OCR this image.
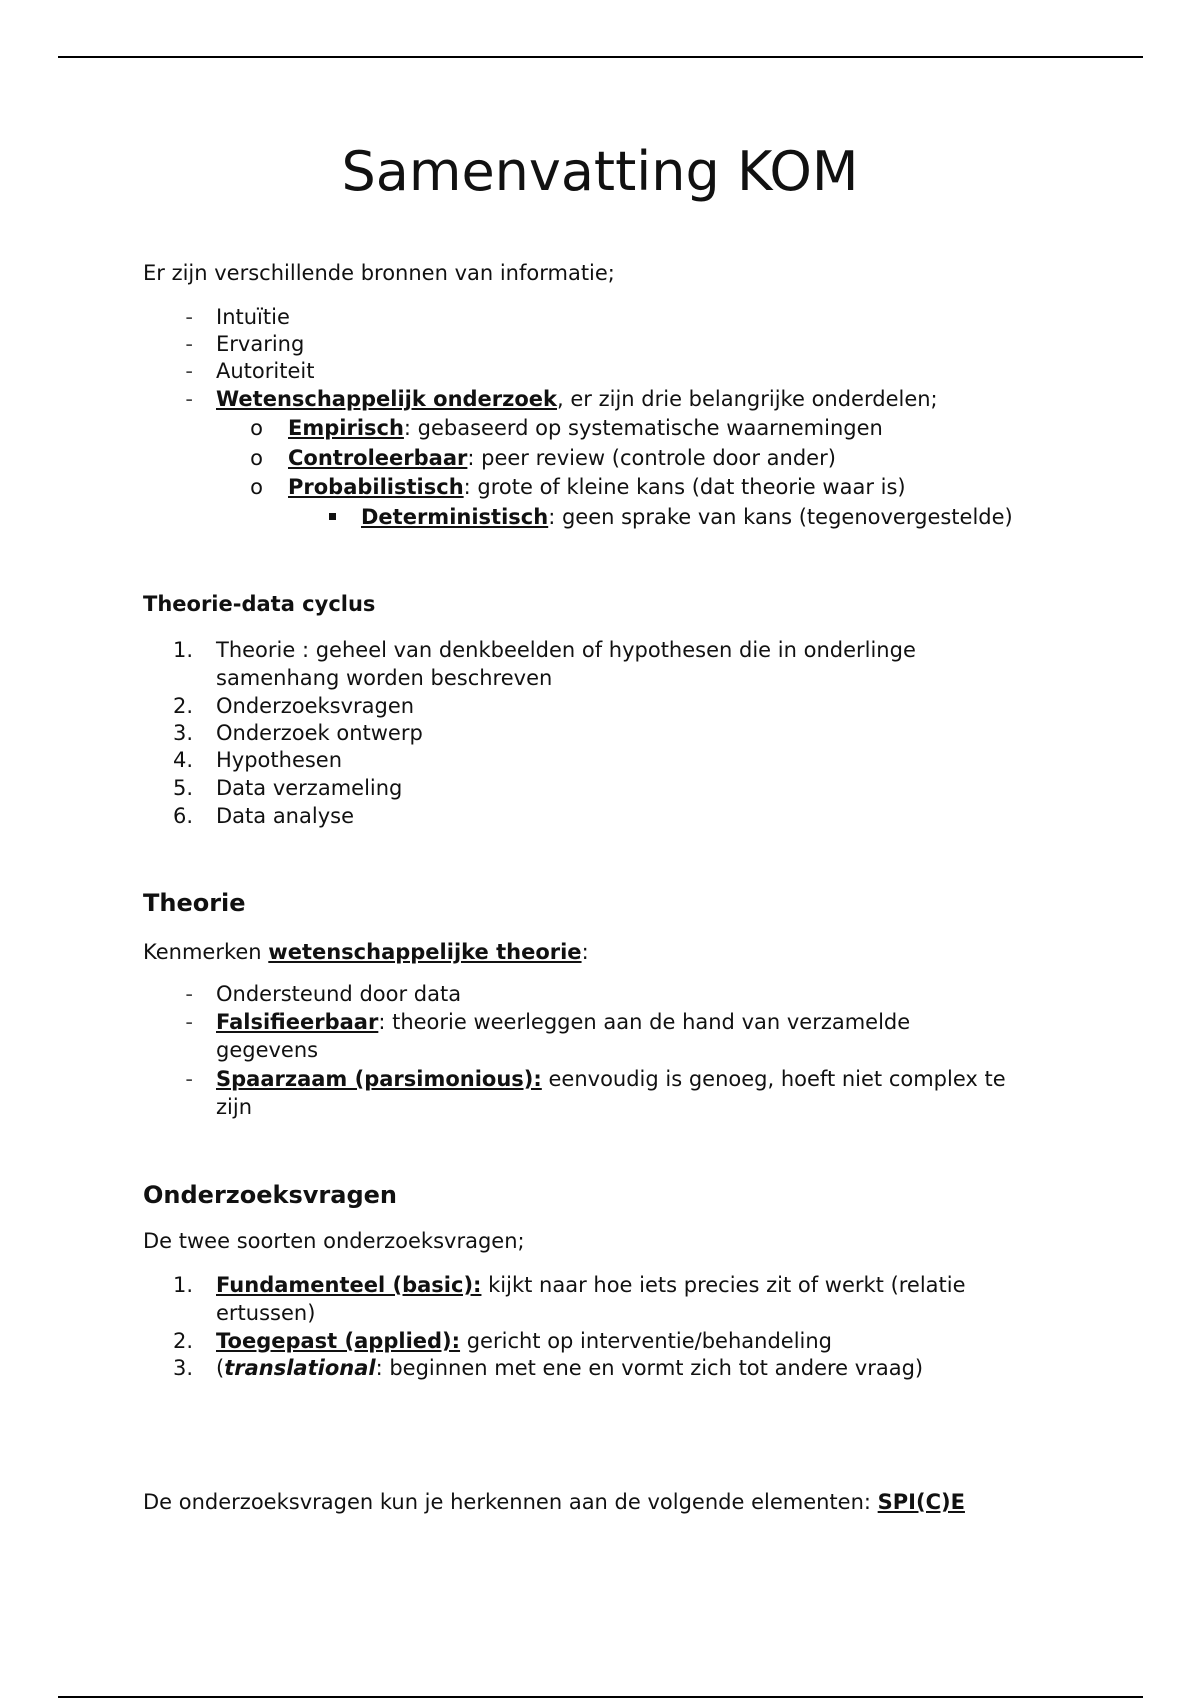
Samenvatting KOM

Er zijn verschillende bronnen van informatie;

- Intuïtie
- Ervaring
- Autoriteit
- Wetenschappelijk onderzoek, er zijn drie belangrijke onderdelen;
o Empirisch: gebaseerd op systematische waarnemingen
o Controleerbaar: peer review (controle door ander)
o Probabilistisch: grote of kleine kans (dat theorie waar is)
Deterministisch: geen sprake van kans (tegenovergestelde)

Theorie-data cyclus

1. Theorie : geheel van denkbeelden of hypothesen die in onderlinge
samenhang worden beschreven
2. Onderzoeksvragen
3. Onderzoek ontwerp
4. Hypothesen
5. Data verzameling
6. Data analyse

Theorie

Kenmerken wetenschappelijke theorie:

- Ondersteund door data
- Falsifieerbaar: theorie weerleggen aan de hand van verzamelde
gegevens
- Spaarzaam (parsimonious): eenvoudig is genoeg, hoeft niet complex te
zijn

Onderzoeksvragen

De twee soorten onderzoeksvragen;

1. Fundamenteel (basic): kijkt naar hoe iets precies zit of werkt (relatie
ertussen)
2. Toegepast (applied): gericht op interventie/behandeling
3. (translational: beginnen met ene en vormt zich tot andere vraag)

De onderzoeksvragen kun je herkennen aan de volgende elementen: SPI(C)E
